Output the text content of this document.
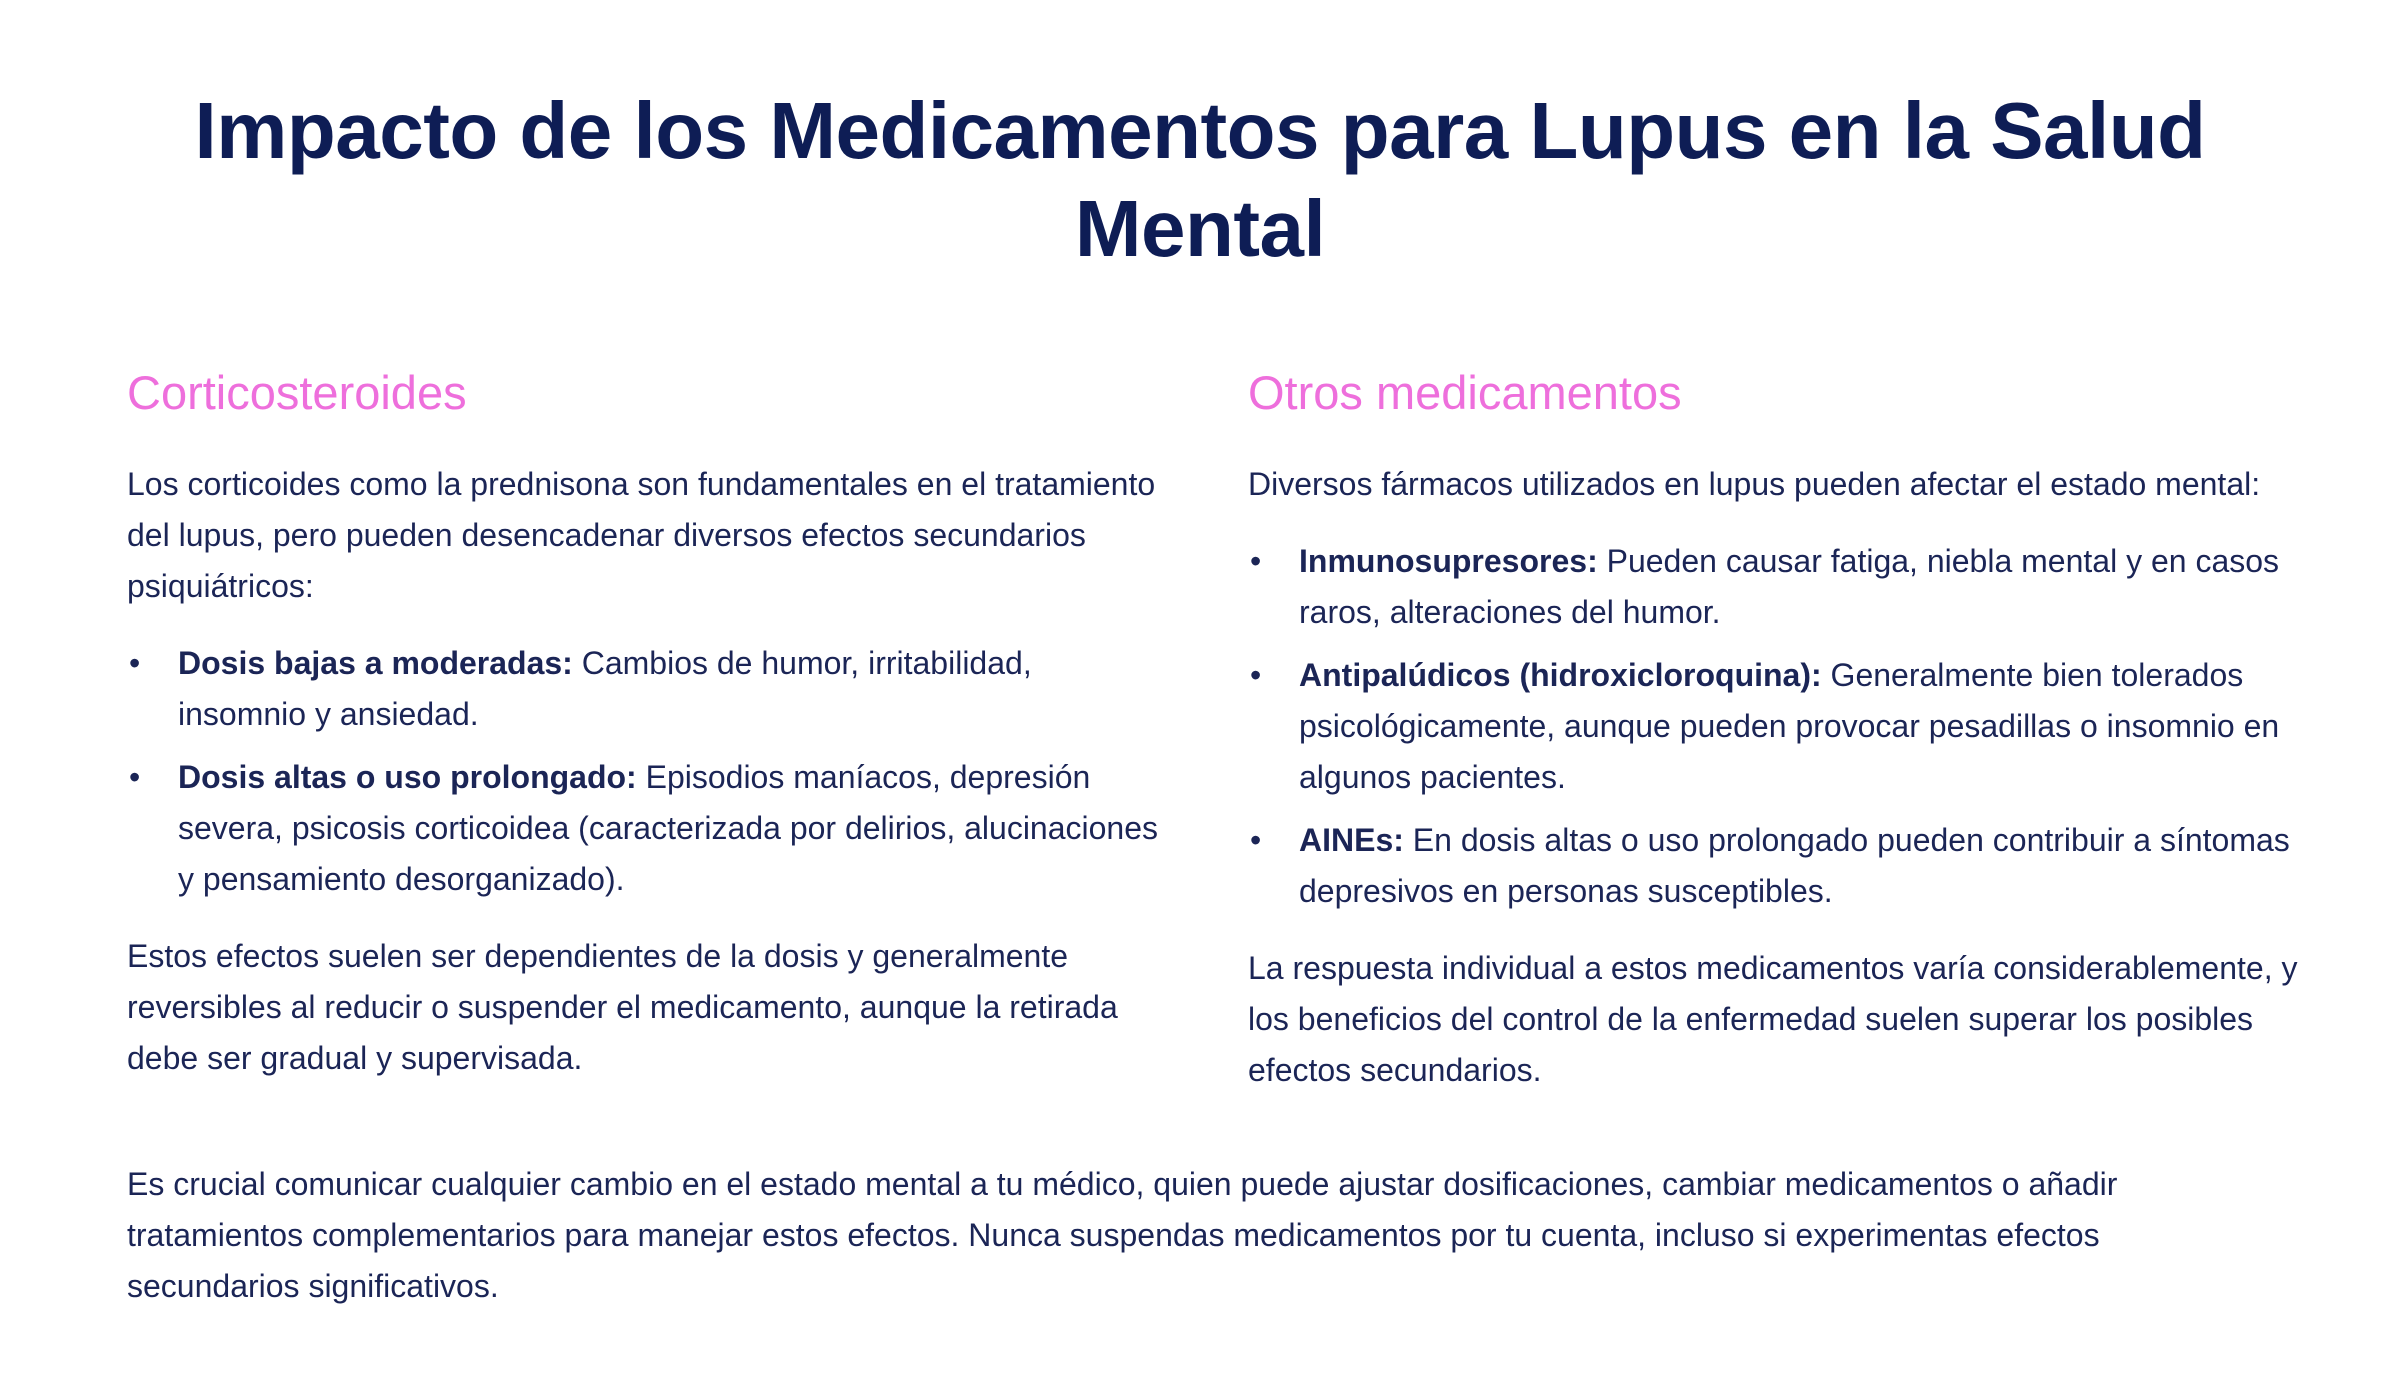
Impacto de los Medicamentos para Lupus en la Salud Mental
Corticosteroides

Los corticoides como la prednisona son fundamentales en el tratamiento del lupus, pero pueden desencadenar diversos efectos secundarios psiquiátricos:

• Dosis bajas a moderadas: Cambios de humor, irritabilidad, insomnio y ansiedad.
• Dosis altas o uso prolongado: Episodios maníacos, depresión severa, psicosis corticoidea (caracterizada por delirios, alucinaciones y pensamiento desorganizado).

Estos efectos suelen ser dependientes de la dosis y generalmente reversibles al reducir o suspender el medicamento, aunque la retirada debe ser gradual y supervisada.

Otros medicamentos

Diversos fármacos utilizados en lupus pueden afectar el estado mental:

• Inmunosupresores: Pueden causar fatiga, niebla mental y en casos raros, alteraciones del humor.
• Antipalúdicos (hidroxicloroquina): Generalmente bien tolerados psicológicamente, aunque pueden provocar pesadillas o insomnio en algunos pacientes.
• AINEs: En dosis altas o uso prolongado pueden contribuir a síntomas depresivos en personas susceptibles.

La respuesta individual a estos medicamentos varía considerablemente, y los beneficios del control de la enfermedad suelen superar los posibles efectos secundarios.

Es crucial comunicar cualquier cambio en el estado mental a tu médico, quien puede ajustar dosificaciones, cambiar medicamentos o añadir tratamientos complementarios para manejar estos efectos. Nunca suspendas medicamentos por tu cuenta, incluso si experimentas efectos secundarios significativos.
